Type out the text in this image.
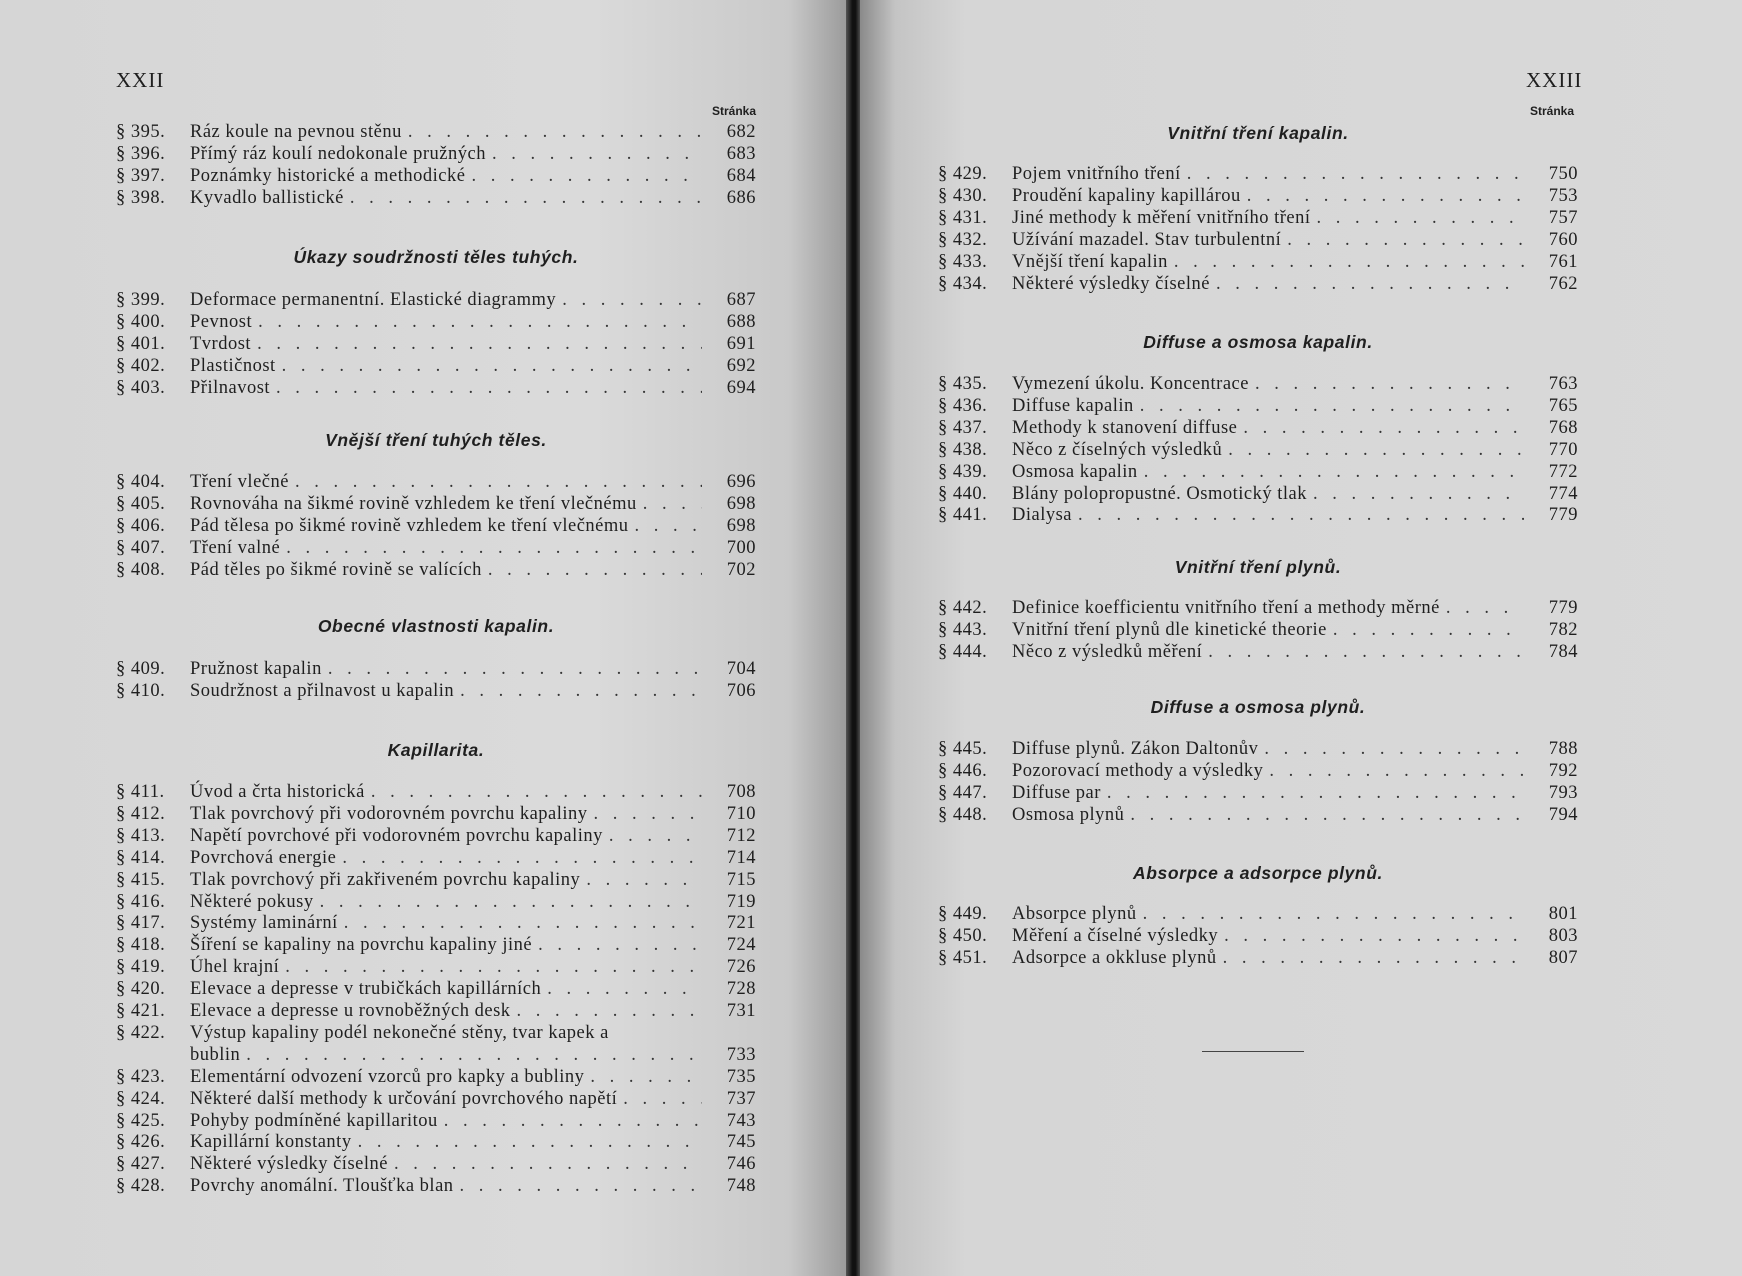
XXII	XXIII
Stránka	Stránka
§ 395.	Ráz koule na pevnou stěnu . . .	682
§ 396.	Přímý ráz koulí nedokonale pružných . . .	683
§ 397.	Poznámky historické a methodické . . .	684
§ 398.	Kyvadlo ballistické . . .	686
Úkazy soudržnosti těles tuhých.
§ 399.	Deformace permanentní. Elastické diagrammy . . .	687
§ 400.	Pevnost . . .	688
§ 401.	Tvrdost . . .	691
§ 402.	Plastičnost . . .	692
§ 403.	Přilnavost . . .	694
Vnější tření tuhých těles.
§ 404.	Tření vlečné . . .	696
§ 405.	Rovnováha na šikmé rovině vzhledem ke tření vlečnému . . .	698
§ 406.	Pád tělesa po šikmé rovině vzhledem ke tření vlečnému . . .	698
§ 407.	Tření valné . . .	700
§ 408.	Pád těles po šikmé rovině se valících . . .	702
Obecné vlastnosti kapalin.
§ 409.	Pružnost kapalin . . .	704
§ 410.	Soudržnost a přilnavost u kapalin . . .	706
Kapillarita.
§ 411.	Úvod a črta historická . . .	708
§ 412.	Tlak povrchový při vodorovném povrchu kapaliny . . .	710
§ 413.	Napětí povrchové při vodorovném povrchu kapaliny . . .	712
§ 414.	Povrchová energie . . .	714
§ 415.	Tlak povrchový při zakřiveném povrchu kapaliny . . .	715
§ 416.	Některé pokusy . . .	719
§ 417.	Systémy laminární . . .	721
§ 418.	Šíření se kapaliny na povrchu kapaliny jiné . . .	724
§ 419.	Úhel krajní . . .	726
§ 420.	Elevace a depresse v trubičkách kapillárních . . .	728
§ 421.	Elevace a depresse u rovnoběžných desk . . .	731
§ 422.	Výstup kapaliny podél nekonečné stěny, tvar kapek a
bublin . . .	733
§ 423.	Elementární odvození vzorců pro kapky a bubliny . . .	735
§ 424.	Některé další methody k určování povrchového napětí . . .	737
§ 425.	Pohyby podmíněné kapillaritou . . .	743
§ 426.	Kapillární konstanty . . .	745
§ 427.	Některé výsledky číselné . . .	746
§ 428.	Povrchy anomální. Tloušťka blan . . .	748
Vnitřní tření kapalin.
§ 429.	Pojem vnitřního tření . . .	750
§ 430.	Proudění kapaliny kapillárou . . .	753
§ 431.	Jiné methody k měření vnitřního tření . . .	757
§ 432.	Užívání mazadel. Stav turbulentní . . .	760
§ 433.	Vnější tření kapalin . . .	761
§ 434.	Některé výsledky číselné . . .	762
Diffuse a osmosa kapalin.
§ 435.	Vymezení úkolu. Koncentrace . . .	763
§ 436.	Diffuse kapalin . . .	765
§ 437.	Methody k stanovení diffuse . . .	768
§ 438.	Něco z číselných výsledků . . .	770
§ 439.	Osmosa kapalin . . .	772
§ 440.	Blány polopropustné. Osmotický tlak . . .	774
§ 441.	Dialysa . . .	779
Vnitřní tření plynů.
§ 442.	Definice koefficientu vnitřního tření a methody měrné . . .	779
§ 443.	Vnitřní tření plynů dle kinetické theorie . . .	782
§ 444.	Něco z výsledků měření . . .	784
Diffuse a osmosa plynů.
§ 445.	Diffuse plynů. Zákon Daltonův . . .	788
§ 446.	Pozorovací methody a výsledky . . .	792
§ 447.	Diffuse par . . .	793
§ 448.	Osmosa plynů . . .	794
Absorpce a adsorpce plynů.
§ 449.	Absorpce plynů . . .	801
§ 450.	Měření a číselné výsledky . . .	803
§ 451.	Adsorpce a okkluse plynů . . .	807
